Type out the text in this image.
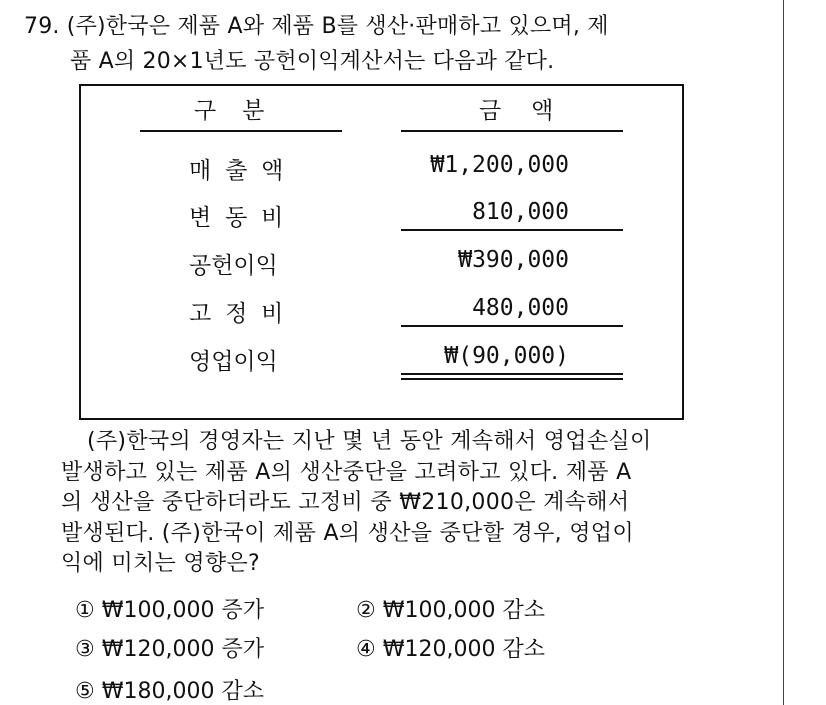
79. (주)한국은 제품 A와 제품 B를 생산·판매하고 있으며, 제
품 A의 20×1년도 공헌이익계산서는 다음과 같다.
구 분	금 액
매 출 액	₩1,200,000
변 동 비	810,000
공헌이익	₩390,000
고 정 비	480,000
영업이익	₩(90,000)
(주)한국의 경영자는 지난 몇 년 동안 계속해서 영업손실이
발생하고 있는 제품 A의 생산중단을 고려하고 있다. 제품 A
의 생산을 중단하더라도 고정비 중 ₩210,000은 계속해서
발생된다. (주)한국이 제품 A의 생산을 중단할 경우, 영업이
익에 미치는 영향은?
① ₩100,000 증가	② ₩100,000 감소
③ ₩120,000 증가	④ ₩120,000 감소
⑤ ₩180,000 감소
